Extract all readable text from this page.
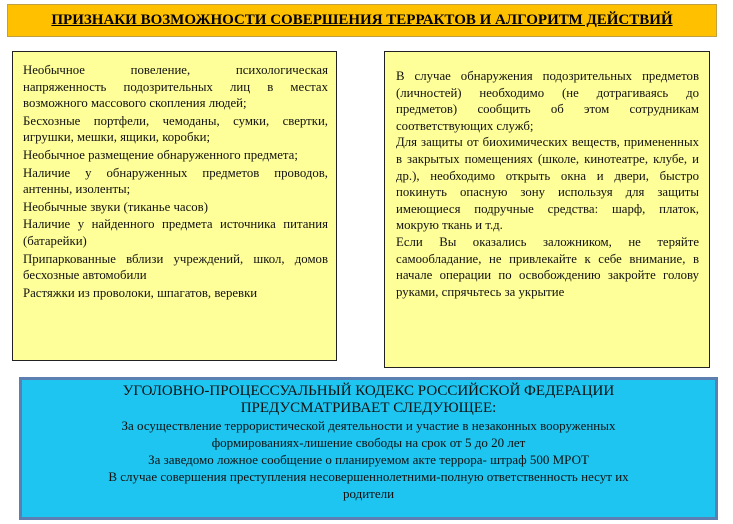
ПРИЗНАКИ ВОЗМОЖНОСТИ СОВЕРШЕНИЯ ТЕРРАКТОВ И АЛГОРИТМ ДЕЙСТВИЙ

Необычное повеление, психологическая напряженность подозрительных лиц в местах возможного массового скопления людей;

Бесхозные портфели, чемоданы, сумки, свертки, игрушки, мешки, ящики, коробки;

Необычное размещение обнаруженного предмета;

Наличие у обнаруженных предметов проводов, антенны, изоленты;

Необычные звуки (тиканье часов)

Наличие у найденного предмета источника питания (батарейки)

Припаркованные вблизи учреждений, школ, домов бесхозные автомобили

Растяжки из проволоки, шпагатов, веревки

В случае обнаружения подозрительных предметов (личностей) необходимо (не дотрагиваясь до предметов) сообщить об этом сотрудникам соответствующих служб;

Для защиты от биохимических веществ, примененных в закрытых помещениях (школе, кинотеатре, клубе, и др.), необходимо открыть окна и двери, быстро покинуть опасную зону используя для защиты имеющиеся подручные средства: шарф, платок, мокрую ткань и т.д.

Если Вы оказались заложником, не теряйте самообладание, не привлекайте к себе внимание, в начале операции по освобождению закройте голову руками, спрячьтесь за укрытие

УГОЛОВНО-ПРОЦЕССУАЛЬНЫЙ КОДЕКС РОССИЙСКОЙ ФЕДЕРАЦИИ

ПРЕДУСМАТРИВАЕТ СЛЕДУЮЩЕЕ:

За осуществление террористической деятельности и участие в незаконных вооруженных

формированиях-лишение свободы на срок от 5 до 20 лет

За заведомо ложное сообщение о планируемом акте террора- штраф 500 МРОТ

В случае совершения преступления несовершеннолетними-полную ответственность несут их

родители
